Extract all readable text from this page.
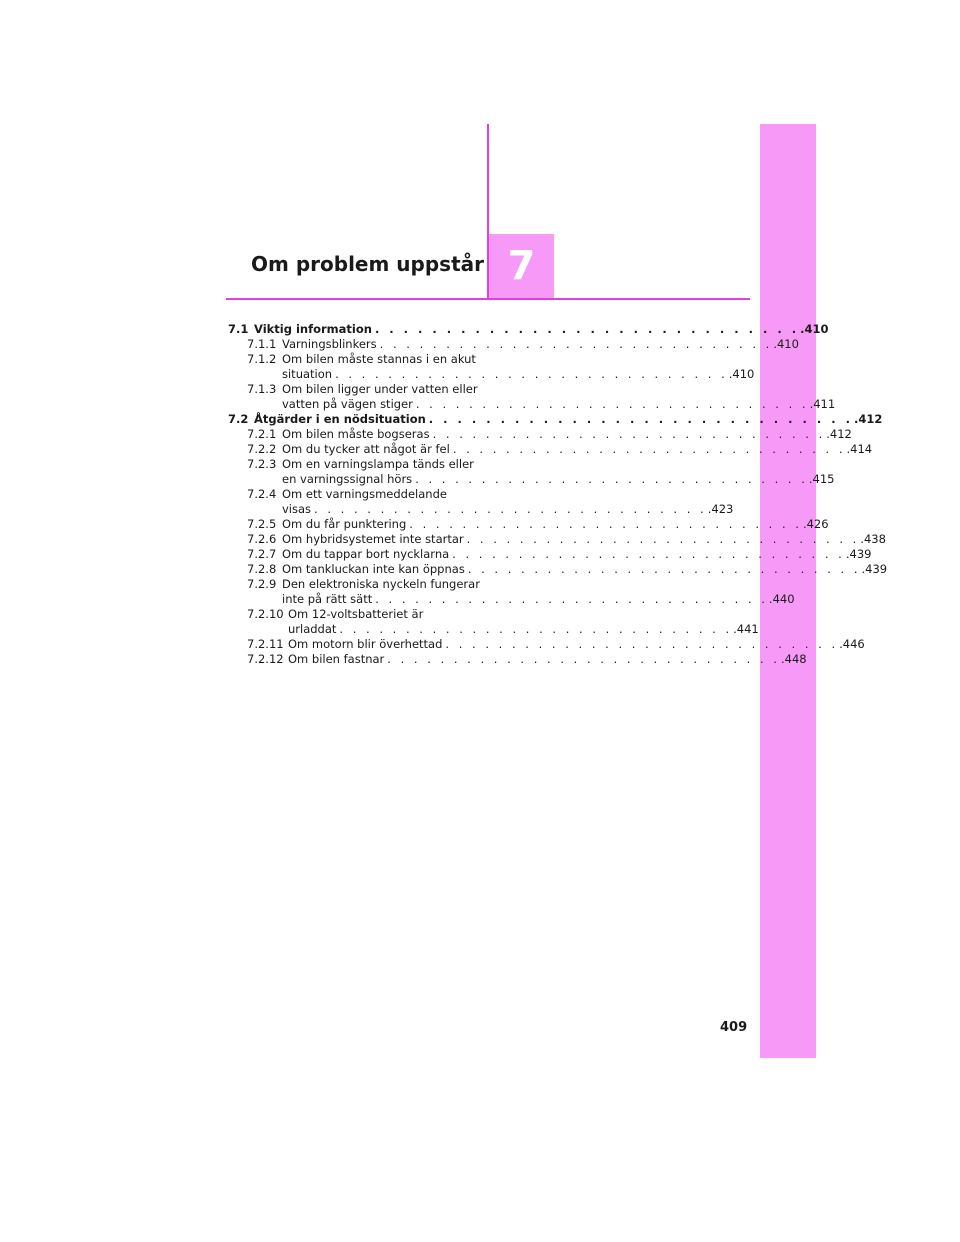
Om problem uppstår 7
7.1 Viktig information . . . . . . . . . . . . . . . . . . . . . . . . . . . . . . .410
7.1.1 Varningsblinkers . . . . . . . . . . . . . . . . . . . . . . . . . . . . . . .410
7.1.2 Om bilen måste stannas i en akut
situation . . . . . . . . . . . . . . . . . . . . . . . . . . . . . . .410
7.1.3 Om bilen ligger under vatten eller
vatten på vägen stiger . . . . . . . . . . . . . . . . . . . . . . . . . . . . . . .411
7.2 Åtgärder i en nödsituation . . . . . . . . . . . . . . . . . . . . . . . . . . . . . . .412
7.2.1 Om bilen måste bogseras . . . . . . . . . . . . . . . . . . . . . . . . . . . . . . .412
7.2.2 Om du tycker att något är fel . . . . . . . . . . . . . . . . . . . . . . . . . . . . . . .414
7.2.3 Om en varningslampa tänds eller
en varningssignal hörs . . . . . . . . . . . . . . . . . . . . . . . . . . . . . . .415
7.2.4 Om ett varningsmeddelande
visas . . . . . . . . . . . . . . . . . . . . . . . . . . . . . . .423
7.2.5 Om du får punktering . . . . . . . . . . . . . . . . . . . . . . . . . . . . . . .426
7.2.6 Om hybridsystemet inte startar . . . . . . . . . . . . . . . . . . . . . . . . . . . . . . .438
7.2.7 Om du tappar bort nycklarna . . . . . . . . . . . . . . . . . . . . . . . . . . . . . . .439
7.2.8 Om tankluckan inte kan öppnas . . . . . . . . . . . . . . . . . . . . . . . . . . . . . . .439
7.2.9 Den elektroniska nyckeln fungerar
inte på rätt sätt . . . . . . . . . . . . . . . . . . . . . . . . . . . . . . .440
7.2.10 Om 12-voltsbatteriet är
urladdat . . . . . . . . . . . . . . . . . . . . . . . . . . . . . . .441
7.2.11 Om motorn blir överhettad . . . . . . . . . . . . . . . . . . . . . . . . . . . . . . .446
7.2.12 Om bilen fastnar . . . . . . . . . . . . . . . . . . . . . . . . . . . . . . .448
409
